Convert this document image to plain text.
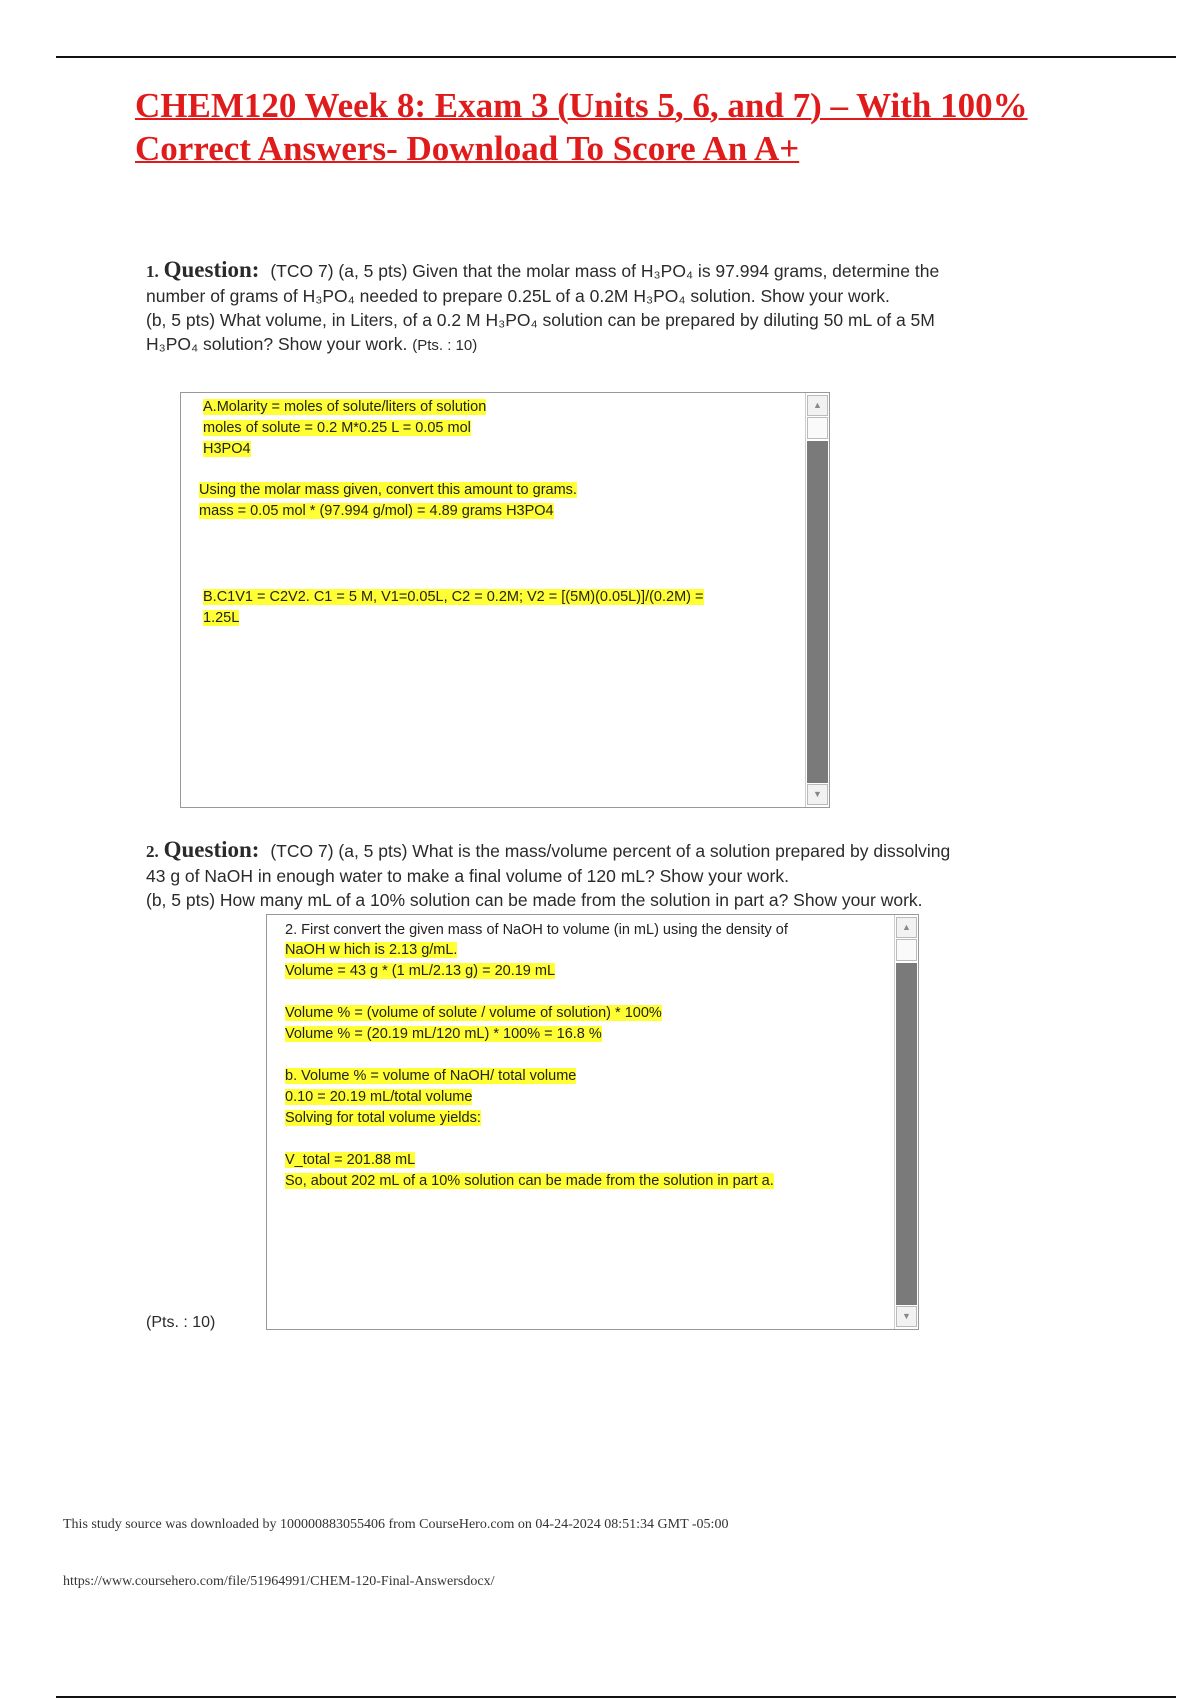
CHEM120 Week 8: Exam 3 (Units 5, 6, and 7) – With 100% Correct Answers- Download To Score An A+

1. Question: (TCO 7) (a, 5 pts) Given that the molar mass of H₃PO₄ is 97.994 grams, determine the

number of grams of H₃PO₄ needed to prepare 0.25L of a 0.2M H₃PO₄ solution. Show your work.

(b, 5 pts) What volume, in Liters, of a 0.2 M H₃PO₄ solution can be prepared by diluting 50 mL of a 5M

H₃PO₄ solution? Show your work. (Pts. : 10)

A.Molarity = moles of solute/liters of solution
moles of solute = 0.2 M*0.25 L = 0.05 mol
H3PO4
Using the molar mass given, convert this amount to grams.
mass = 0.05 mol * (97.994 g/mol) = 4.89 grams H3PO4
B.C1V1 = C2V2. C1 = 5 M, V1=0.05L, C2 = 0.2M; V2 = [(5M)(0.05L)]/(0.2M) =
1.25L
▲
▼

2. Question: (TCO 7) (a, 5 pts) What is the mass/volume percent of a solution prepared by dissolving

43 g of NaOH in enough water to make a final volume of 120 mL? Show your work.

(b, 5 pts) How many mL of a 10% solution can be made from the solution in part a? Show your work.

2. First convert the given mass of NaOH to volume (in mL) using the density of
NaOH w hich is 2.13 g/mL.
Volume = 43 g * (1 mL/2.13 g) = 20.19 mL
Volume % = (volume of solute / volume of solution) * 100%
Volume % = (20.19 mL/120 mL) * 100% = 16.8 %
b. Volume % = volume of NaOH/ total volume
0.10 = 20.19 mL/total volume
Solving for total volume yields:
V_total = 201.88 mL
So, about 202 mL of a 10% solution can be made from the solution in part a.
▲
▼
(Pts. : 10)
This study source was downloaded by 100000883055406 from CourseHero.com on 04-24-2024 08:51:34 GMT -05:00
https://www.coursehero.com/file/51964991/CHEM-120-Final-Answersdocx/
